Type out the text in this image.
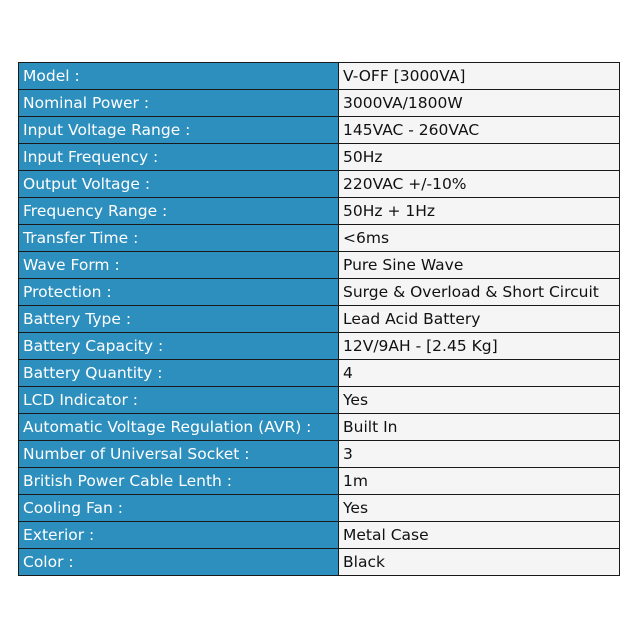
Model :	V-OFF [3000VA]
Nominal Power :	3000VA/1800W
Input Voltage Range :	145VAC - 260VAC
Input Frequency :	50Hz
Output Voltage :	220VAC +/-10%
Frequency Range :	50Hz + 1Hz
Transfer Time :	<6ms
Wave Form :	Pure Sine Wave
Protection :	Surge & Overload & Short Circuit
Battery Type :	Lead Acid Battery
Battery Capacity :	12V/9AH - [2.45 Kg]
Battery Quantity :	4
LCD Indicator :	Yes
Automatic Voltage Regulation (AVR) :	Built In
Number of Universal Socket :	3
British Power Cable Lenth :	1m
Cooling Fan :	Yes
Exterior :	Metal Case
Color :	Black
